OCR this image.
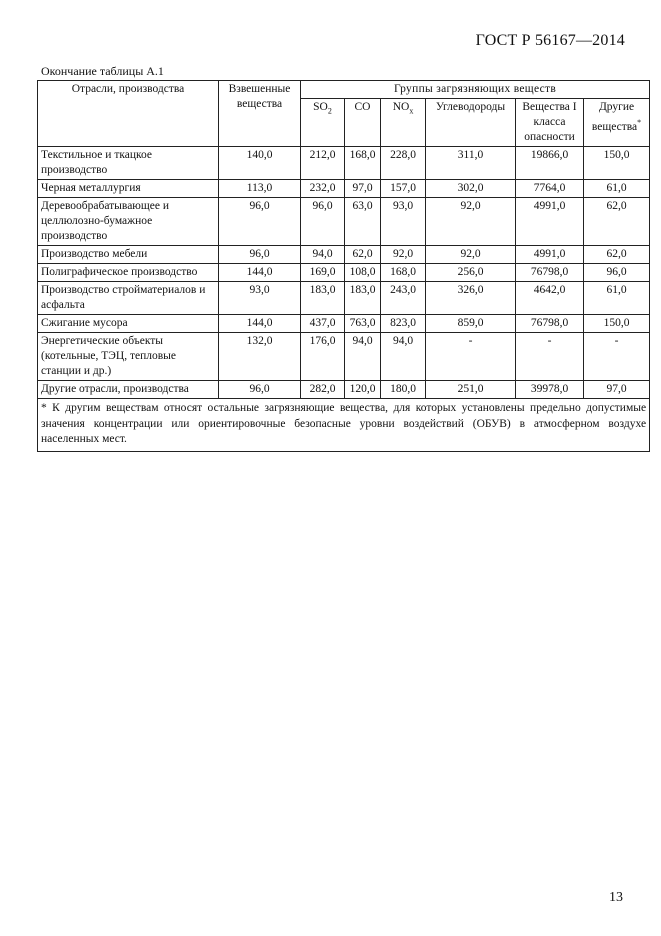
ГОСТ Р 56167—2014
Окончание таблицы А.1
Отрасли, производства	Взвешенные вещества	Группы загрязняющих веществ					
		$SO_2$	CO	$NO_x$	Углеводороды	Вещества I класса опасности	Другие вещества*
Текстильное и ткацкое производство	140,0	212,0	168,0	228,0	311,0	19866,0	150,0
Черная металлургия	113,0	232,0	97,0	157,0	302,0	7764,0	61,0
Деревообрабатывающее и целлюлозно-бумажное производство	96,0	96,0	63,0	93,0	92,0	4991,0	62,0
Производство мебели	96,0	94,0	62,0	92,0	92,0	4991,0	62,0
Полиграфическое производство	144,0	169,0	108,0	168,0	256,0	76798,0	96,0
Производство стройматериалов и асфальта	93,0	183,0	183,0	243,0	326,0	4642,0	61,0
Сжигание мусора	144,0	437,0	763,0	823,0	859,0	76798,0	150,0
Энергетические объекты (котельные, ТЭЦ, тепловые станции и др.)	132,0	176,0	94,0	94,0	-	-	-
Другие отрасли, производства	96,0	282,0	120,0	180,0	251,0	39978,0	97,0
* К другим веществам относят остальные загрязняющие вещества, для которых установлены предельно допустимые значения концентрации или ориентировочные безопасные уровни воздействий (ОБУВ) в атмосферном воздухе населенных мест.							
13
